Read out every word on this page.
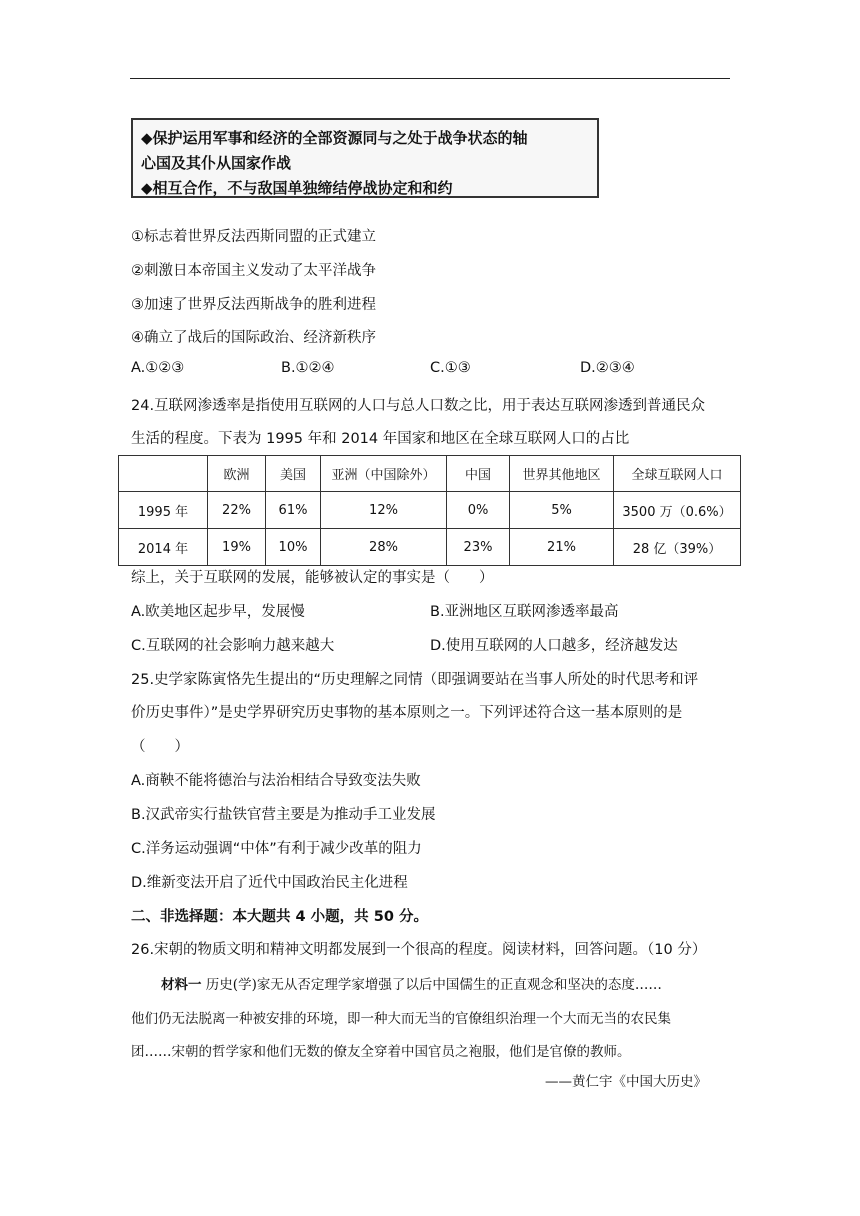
◆保护运用军事和经济的全部资源同与之处于战争状态的轴
心国及其仆从国家作战
◆相互合作，不与敌国单独缔结停战协定和和约
①标志着世界反法西斯同盟的正式建立
②刺激日本帝国主义发动了太平洋战争
③加速了世界反法西斯战争的胜利进程
④确立了战后的国际政治、经济新秩序
A.①②③	B.①②④	C.①③	D.②③④
24.互联网渗透率是指使用互联网的人口与总人口数之比，用于表达互联网渗透到普通民众
生活的程度。下表为 1995 年和 2014 年国家和地区在全球互联网人口的占比
	欧洲	美国	亚洲（中国除外）	中国	世界其他地区	全球互联网人口
1995 年	22%	61%	12%	0%	5%	3500 万（0.6%）
2014 年	19%	10%	28%	23%	21%	28 亿（39%）
综上，关于互联网的发展，能够被认定的事实是（　　）
A.欧美地区起步早，发展慢	B.亚洲地区互联网渗透率最高
C.互联网的社会影响力越来越大	D.使用互联网的人口越多，经济越发达
25.史学家陈寅恪先生提出的“历史理解之同情（即强调要站在当事人所处的时代思考和评
价历史事件）”是史学界研究历史事物的基本原则之一。下列评述符合这一基本原则的是
（　　）
A.商鞅不能将德治与法治相结合导致变法失败
B.汉武帝实行盐铁官营主要是为推动手工业发展
C.洋务运动强调“中体”有利于减少改革的阻力
D.维新变法开启了近代中国政治民主化进程
二、非选择题：本大题共 4 小题，共 50 分。
26.宋朝的物质文明和精神文明都发展到一个很高的程度。阅读材料，回答问题。（10 分）
材料一 历史(学)家无从否定理学家增强了以后中国儒生的正直观念和坚决的态度……
他们仍无法脱离一种被安排的环境，即一种大而无当的官僚组织治理一个大而无当的农民集
团……宋朝的哲学家和他们无数的僚友全穿着中国官员之袍服，他们是官僚的教师。
——黄仁宇《中国大历史》
